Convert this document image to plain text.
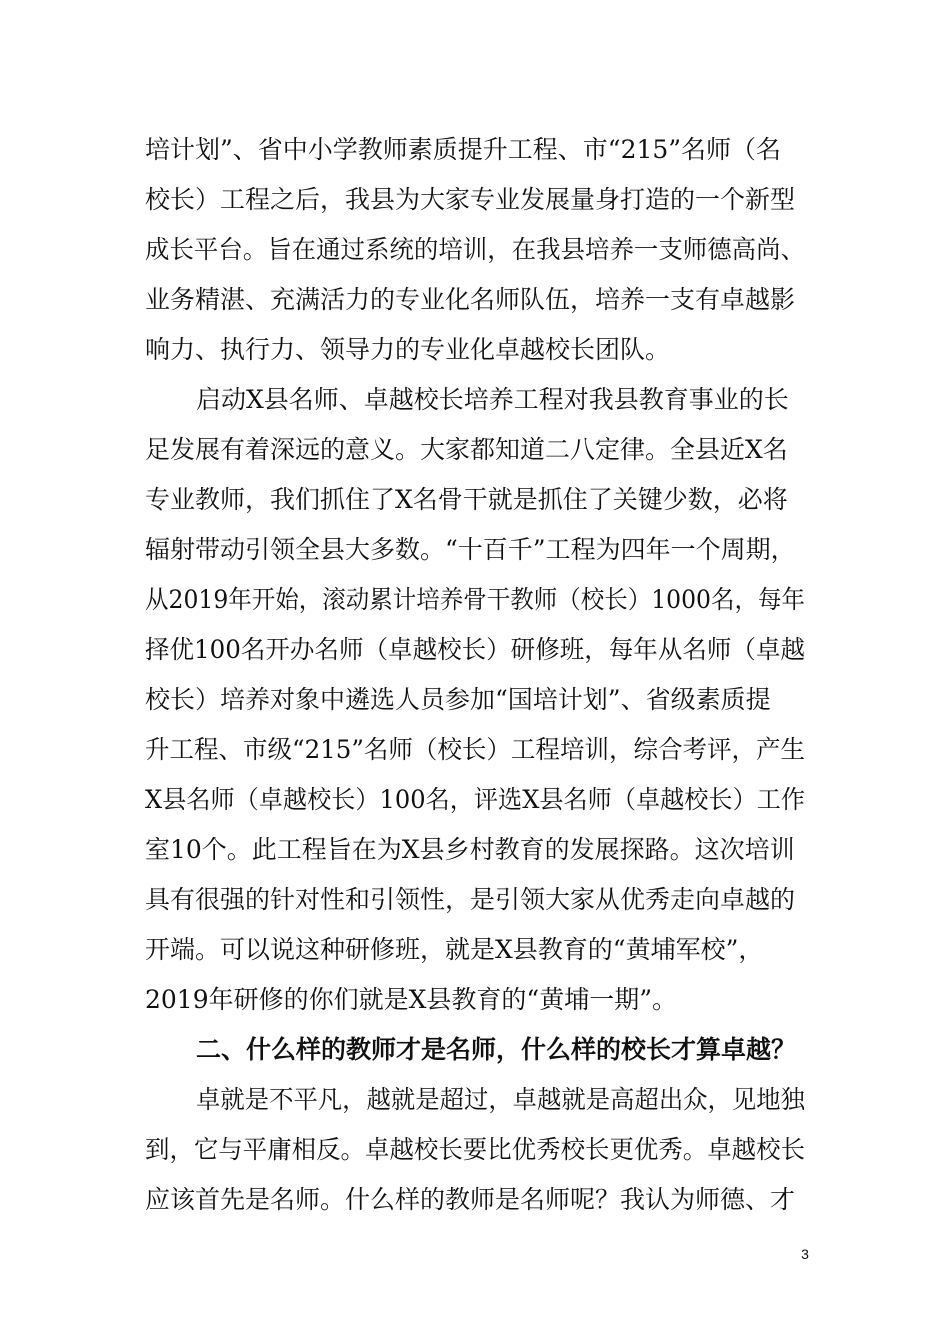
培计划”、省中小学教师素质提升工程、市“215”名师（名
校长）工程之后，我县为大家专业发展量身打造的一个新型
成长平台。旨在通过系统的培训，在我县培养一支师德高尚、
业务精湛、充满活力的专业化名师队伍，培养一支有卓越影
响力、执行力、领导力的专业化卓越校长团队。
启动X县名师、卓越校长培养工程对我县教育事业的长
足发展有着深远的意义。大家都知道二八定律。全县近X名
专业教师，我们抓住了X名骨干就是抓住了关键少数，必将
辐射带动引领全县大多数。“十百千”工程为四年一个周期，
从2019年开始，滚动累计培养骨干教师（校长）1000名，每年
择优100名开办名师（卓越校长）研修班，每年从名师（卓越
校长）培养对象中遴选人员参加“国培计划”、省级素质提
升工程、市级“215”名师（校长）工程培训，综合考评，产生
X县名师（卓越校长）100名，评选X县名师（卓越校长）工作
室10个。此工程旨在为X县乡村教育的发展探路。这次培训
具有很强的针对性和引领性，是引领大家从优秀走向卓越的
开端。可以说这种研修班，就是X县教育的“黄埔军校”，
2019年研修的你们就是X县教育的“黄埔一期”。
二、什么样的教师才是名师，什么样的校长才算卓越？
卓就是不平凡，越就是超过，卓越就是高超出众，见地独
到，它与平庸相反。卓越校长要比优秀校长更优秀。卓越校长
应该首先是名师。什么样的教师是名师呢？我认为师德、才
3
